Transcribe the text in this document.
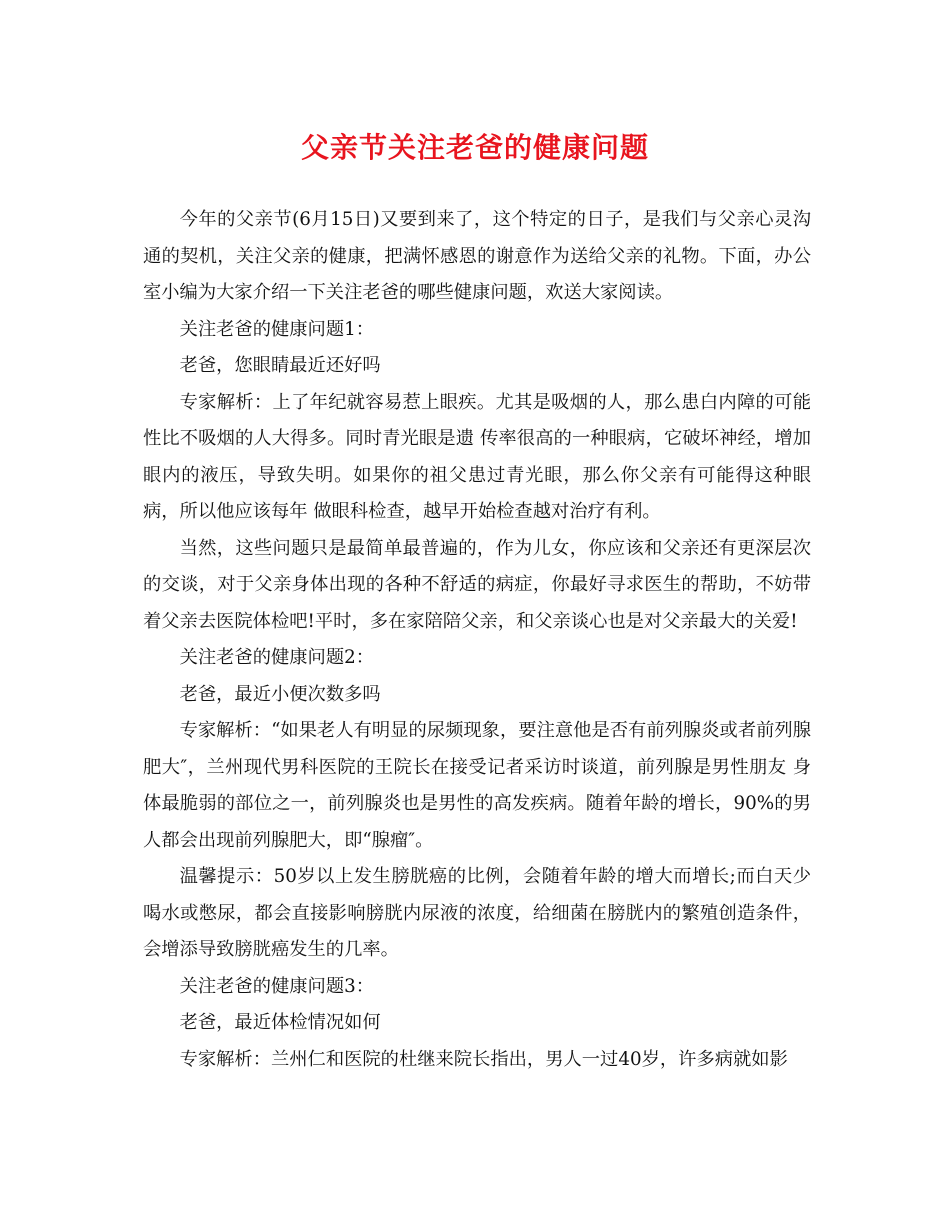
父亲节关注老爸的健康问题

今年的父亲节(6月15日)又要到来了，这个特定的日子，是我们与父亲心灵沟通的契机，关注父亲的健康，把满怀感恩的谢意作为送给父亲的礼物。下面，办公室小编为大家介绍一下关注老爸的哪些健康问题，欢送大家阅读。

关注老爸的健康问题1：

老爸，您眼睛最近还好吗

专家解析：上了年纪就容易惹上眼疾。尤其是吸烟的人，那么患白内障的可能性比不吸烟的人大得多。同时青光眼是遗 传率很高的一种眼病，它破坏神经，增加眼内的液压，导致失明。如果你的祖父患过青光眼，那么你父亲有可能得这种眼病，所以他应该每年 做眼科检查，越早开始检查越对治疗有利。

当然，这些问题只是最简单最普遍的，作为儿女，你应该和父亲还有更深层次的交谈，对于父亲身体出现的各种不舒适的病症，你最好寻求医生的帮助，不妨带 着父亲去医院体检吧!平时，多在家陪陪父亲，和父亲谈心也是对父亲最大的关爱!

关注老爸的健康问题2：

老爸，最近小便次数多吗

专家解析：“如果老人有明显的尿频现象，要注意他是否有前列腺炎或者前列腺肥大″，兰州现代男科医院的王院长在接受记者采访时谈道，前列腺是男性朋友 身体最脆弱的部位之一，前列腺炎也是男性的高发疾病。随着年龄的增长，90%的男人都会出现前列腺肥大，即“腺瘤″。

温馨提示：50岁以上发生膀胱癌的比例，会随着年龄的增大而增长;而白天少喝水或憋尿，都会直接影响膀胱内尿液的浓度，给细菌在膀胱内的繁殖创造条件，会增添导致膀胱癌发生的几率。

关注老爸的健康问题3：

老爸，最近体检情况如何

专家解析：兰州仁和医院的杜继来院长指出，男人一过40岁，许多病就如影
